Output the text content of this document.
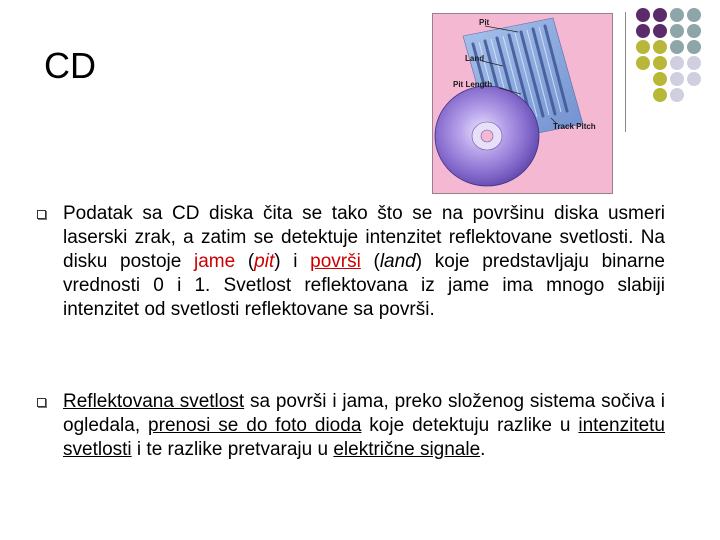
CD
Pit
Land
Pit Length
Track Pitch
Podatak sa CD diska čita se tako što se na površinu diska usmeri laserski zrak, a zatim se detektuje intenzitet reflektovane svetlosti. Na disku postoje jame (pit) i površi (land) koje predstavljaju binarne vrednosti 0 i 1. Svetlost reflektovana iz jame ima mnogo slabiji intenzitet od svetlosti reflektovane sa površi.
Reflektovana svetlost sa površi i jama, preko složenog sistema sočiva i ogledala, prenosi se do foto dioda koje detektuju razlike u intenzitetu svetlosti i te razlike pretvaraju u električne signale.
